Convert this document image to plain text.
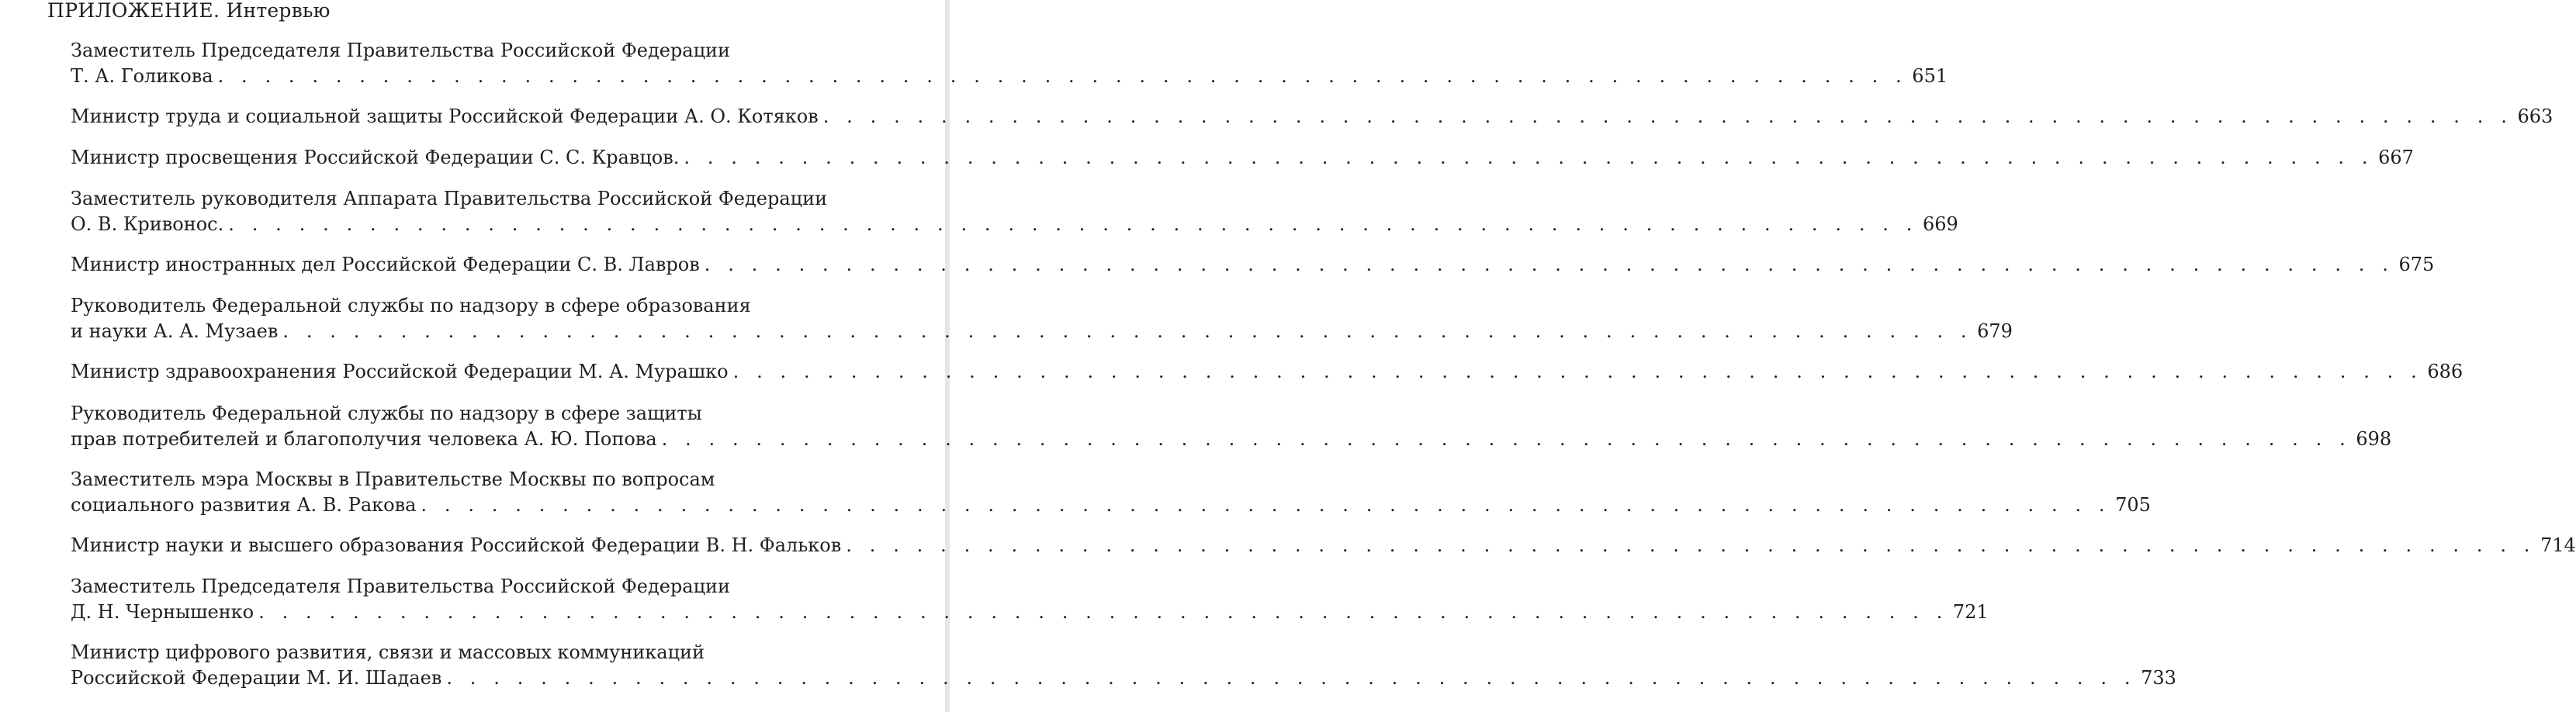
ПРИЛОЖЕНИЕ. Интервью
Заместитель Председателя Правительства Российской Федерации
Т. А. Голикова . . . . . . . . . . . . . . . . . . . . . . . . . . . . . . . . . . . . . . . . . . . . . . . . . . . . . . . . . . . . . . . . . . . . . . . . 651
Министр труда и социальной защиты Российской Федерации А. О. Котяков . . . . . . . . . . . . . . . . . . . . . . . . . . . . . . . . . . . . . . . . . . . . . . . . . . . . . . . . . . . . . . . . . . . . . . . . 663
Министр просвещения Российской Федерации С. С. Кравцов. . . . . . . . . . . . . . . . . . . . . . . . . . . . . . . . . . . . . . . . . . . . . . . . . . . . . . . . . . . . . . . . . . . . . . . . . 667
Заместитель руководителя Аппарата Правительства Российской Федерации
О. В. Кривонос. . . . . . . . . . . . . . . . . . . . . . . . . . . . . . . . . . . . . . . . . . . . . . . . . . . . . . . . . . . . . . . . . . . . . . . . . 669
Министр иностранных дел Российской Федерации С. В. Лавров . . . . . . . . . . . . . . . . . . . . . . . . . . . . . . . . . . . . . . . . . . . . . . . . . . . . . . . . . . . . . . . . . . . . . . . . 675
Руководитель Федеральной службы по надзору в сфере образования
и науки А. А. Музаев . . . . . . . . . . . . . . . . . . . . . . . . . . . . . . . . . . . . . . . . . . . . . . . . . . . . . . . . . . . . . . . . . . . . . . . . 679
Министр здравоохранения Российской Федерации М. А. Мурашко . . . . . . . . . . . . . . . . . . . . . . . . . . . . . . . . . . . . . . . . . . . . . . . . . . . . . . . . . . . . . . . . . . . . . . . . 686
Руководитель Федеральной службы по надзору в сфере защиты
прав потребителей и благополучия человека А. Ю. Попова . . . . . . . . . . . . . . . . . . . . . . . . . . . . . . . . . . . . . . . . . . . . . . . . . . . . . . . . . . . . . . . . . . . . . . . . 698
Заместитель мэра Москвы в Правительстве Москвы по вопросам
социального развития А. В. Ракова . . . . . . . . . . . . . . . . . . . . . . . . . . . . . . . . . . . . . . . . . . . . . . . . . . . . . . . . . . . . . . . . . . . . . . . . 705
Министр науки и высшего образования Российской Федерации В. Н. Фальков . . . . . . . . . . . . . . . . . . . . . . . . . . . . . . . . . . . . . . . . . . . . . . . . . . . . . . . . . . . . . . . . . . . . . . . . 714
Заместитель Председателя Правительства Российской Федерации
Д. Н. Чернышенко . . . . . . . . . . . . . . . . . . . . . . . . . . . . . . . . . . . . . . . . . . . . . . . . . . . . . . . . . . . . . . . . . . . . . . . . 721
Министр цифрового развития, связи и массовых коммуникаций
Российской Федерации М. И. Шадаев . . . . . . . . . . . . . . . . . . . . . . . . . . . . . . . . . . . . . . . . . . . . . . . . . . . . . . . . . . . . . . . . . . . . . . . . 733
